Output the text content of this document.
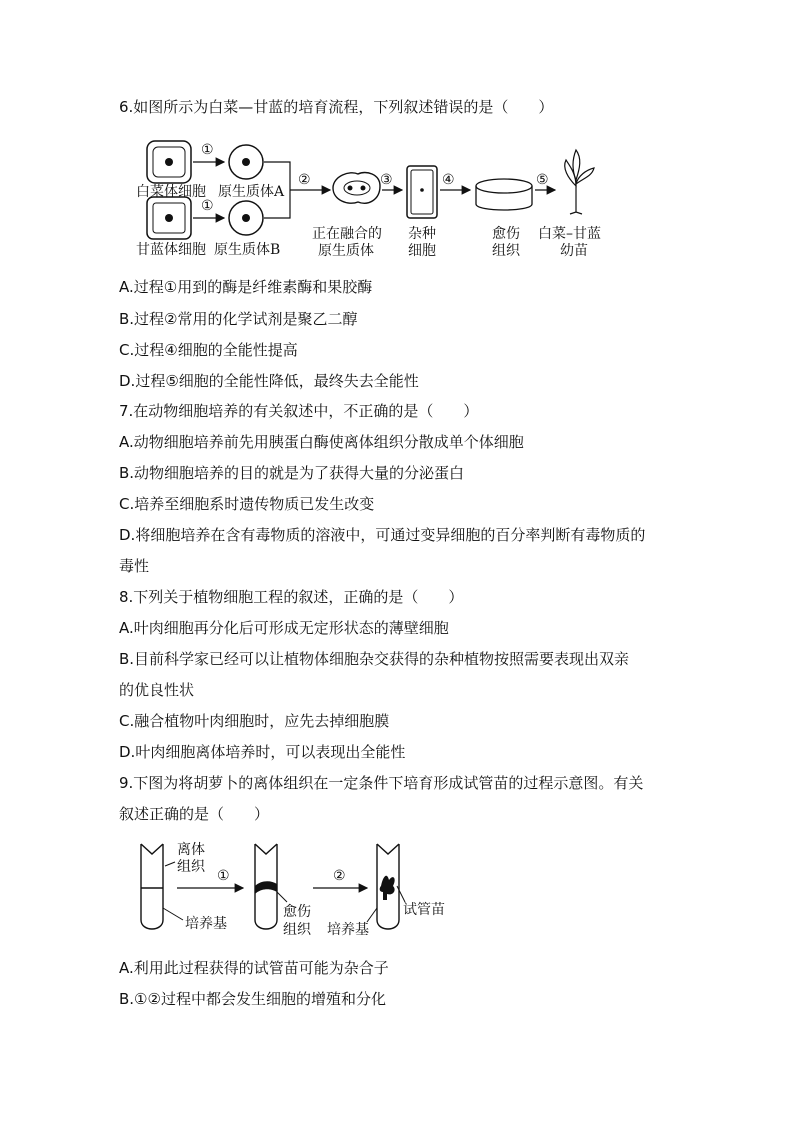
6.如图所示为白菜—甘蓝的培育流程，下列叙述错误的是（　　）
①
白菜体细胞 原生质体A
①
甘蓝体细胞 原生质体B
②
正在融合的
原生质体
③
杂种
细胞
④
愈伤
组织
⑤
白菜–甘蓝
幼苗
A.过程①用到的酶是纤维素酶和果胶酶
B.过程②常用的化学试剂是聚乙二醇
C.过程④细胞的全能性提高
D.过程⑤细胞的全能性降低，最终失去全能性
7.在动物细胞培养的有关叙述中，不正确的是（　　）
A.动物细胞培养前先用胰蛋白酶使离体组织分散成单个体细胞
B.动物细胞培养的目的就是为了获得大量的分泌蛋白
C.培养至细胞系时遗传物质已发生改变
D.将细胞培养在含有毒物质的溶液中，可通过变异细胞的百分率判断有毒物质的
毒性
8.下列关于植物细胞工程的叙述，正确的是（　　）
A.叶肉细胞再分化后可形成无定形状态的薄壁细胞
B.目前科学家已经可以让植物体细胞杂交获得的杂种植物按照需要表现出双亲
的优良性状
C.融合植物叶肉细胞时，应先去掉细胞膜
D.叶肉细胞离体培养时，可以表现出全能性
9.下图为将胡萝卜的离体组织在一定条件下培育形成试管苗的过程示意图。有关
叙述正确的是（　　）
离体
组织
培养基
①
愈伤
组织
②
试管苗
培养基
A.利用此过程获得的试管苗可能为杂合子
B.①②过程中都会发生细胞的增殖和分化
